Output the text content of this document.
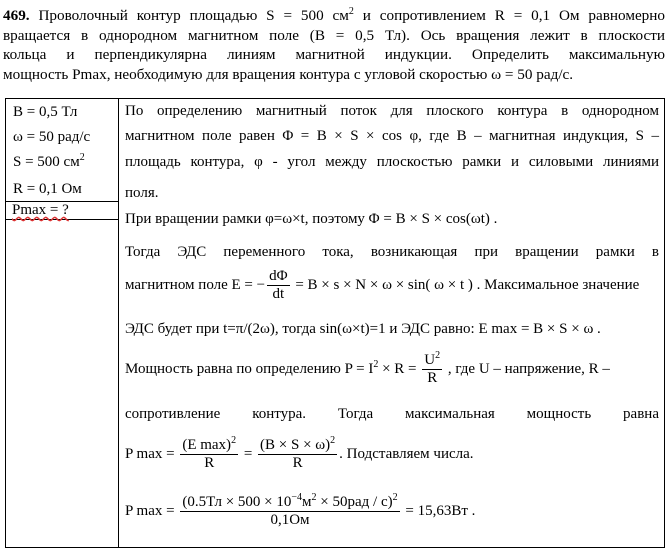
469. Проволочный контур площадью S = 500 $см^2$ и сопротивлением R = 0,1 Ом равномерно
вращается в однородном магнитном поле (B = 0,5 Тл). Ось вращения лежит в плоскости
кольца и перпендикулярна линиям магнитной индукции. Определить максимальную
мощность Pmax, необходимую для вращения контура с угловой скоростью ω = 50 рад/с.
B = 0,5 Тл
ω = 50 рад/с
S = 500 $см^2$
R = 0,1 Ом
Pmax = ?
По определению магнитный поток для плоского контура в однородном
магнитном поле равен Φ = B × S × cos φ, где B – магнитная индукция, S –
площадь контура, φ - угол между плоскостью рамки и силовыми линиями
поля.
При вращении рамки φ=ω×t, поэтому Φ = B × S × cos(ωt) .
Тогда ЭДС переменного тока, возникающая при вращении рамки в
магнитном поле E = − $\frac{d\Phi}{dt} = B \times s \times N \times \omega \times \sin$( ω × t ) . Максимальное значение
ЭДС будет при t=π/(2ω), тогда sin(ω×t)=1 и ЭДС равно: E max = B × S × ω .
Мощность равна по определению $P = I^2 \times R = \frac{U^2}{R}$ , где U – напряжение, R –
сопротивление контура. Тогда максимальная мощность равна
P $\max = \frac{(E \max)^2}{R} = \frac{(B \times S \times \omega)^2}{R}$ . Подставляем числа.
P $\max = \frac{(0.5Тл \times 500 \times 10^{-4}м^2 \times 50рад / с)^2}{0,1Ом} = 15,63Вт$ .
